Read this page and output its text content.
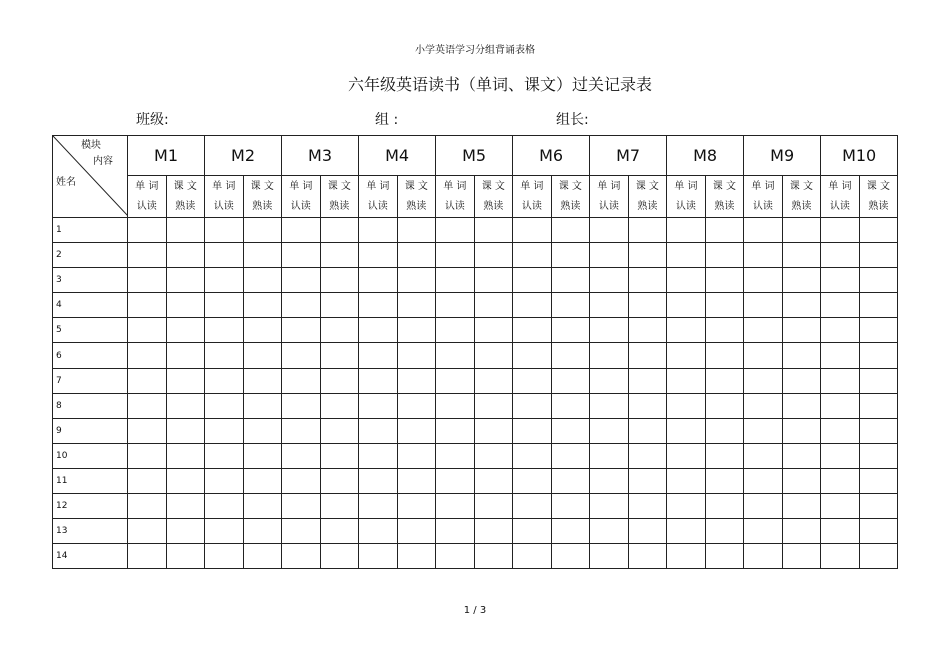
小学英语学习分组背诵表格
六年级英语读书（单词、课文）过关记录表
班级:	组 :	组长:
模块
内容
姓名	M1		M2		M3		M4		M5		M6		M7		M8		M9		M10	
	单 词 认读	课 文 熟读	单 词 认读	课 文 熟读	单 词 认读	课 文 熟读	单 词 认读	课 文 熟读	单 词 认读	课 文 熟读	单 词 认读	课 文 熟读	单 词 认读	课 文 熟读	单 词 认读	课 文 熟读	单 词 认读	课 文 熟读	单 词 认读	课 文 熟读
1																				
2																				
3																				
4																				
5																				
6																				
7																				
8																				
9																				
10																				
11																				
12																				
13																				
14																				
1 / 3
